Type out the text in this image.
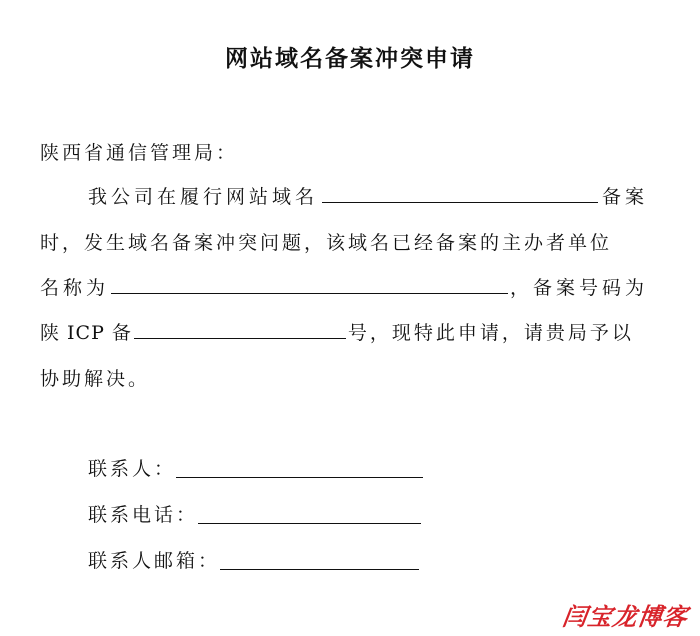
网站域名备案冲突申请
陕西省通信管理局：
我公司在履行网站域名	备案
时，发生域名备案冲突问题，该域名已经备案的主办者单位
名称为	，备案号码为
陕 ICP 备	号，现特此申请，请贵局予以
协助解决。
联系人：
联系电话：
联系人邮箱：
闫宝龙博客
